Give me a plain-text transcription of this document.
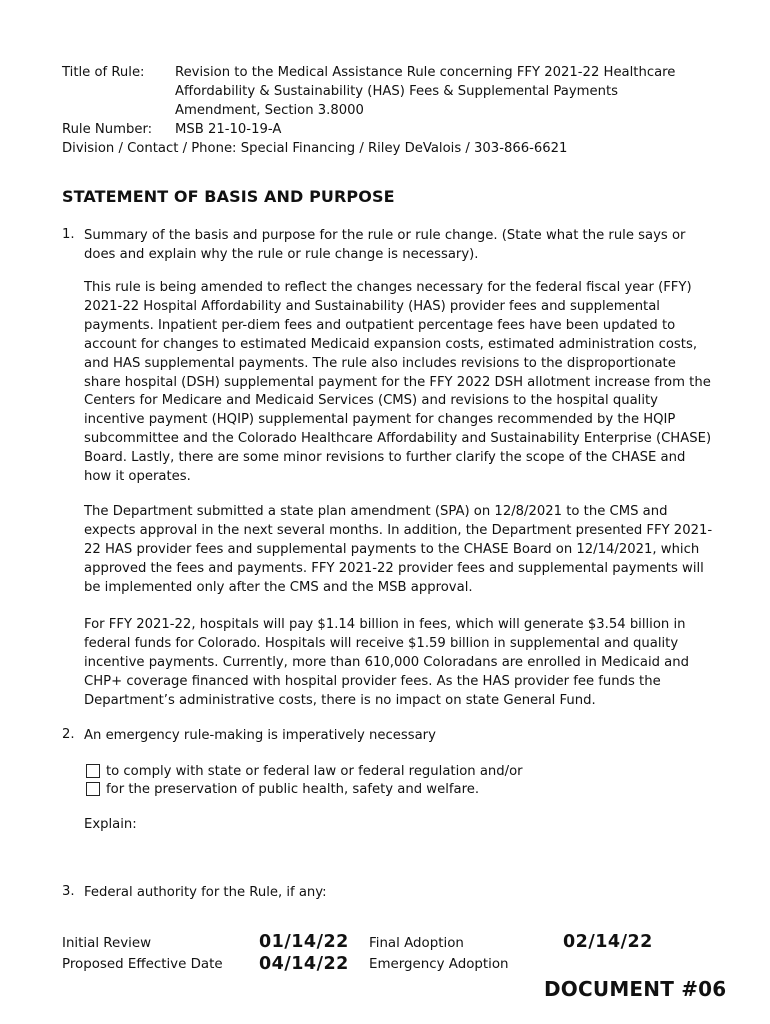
Title of Rule: Revision to the Medical Assistance Rule concerning FFY 2021-22 Healthcare
Affordability & Sustainability (HAS) Fees & Supplemental Payments
Amendment, Section 3.8000
Rule Number: MSB 21-10-19-A
Division / Contact / Phone: Special Financing / Riley DeValois / 303-866-6621
STATEMENT OF BASIS AND PURPOSE
1. Summary of the basis and purpose for the rule or rule change. (State what the rule says or does and explain why the rule or rule change is necessary).

This rule is being amended to reflect the changes necessary for the federal fiscal year (FFY) 2021-22 Hospital Affordability and Sustainability (HAS) provider fees and supplemental payments. Inpatient per-diem fees and outpatient percentage fees have been updated to account for changes to estimated Medicaid expansion costs, estimated administration costs, and HAS supplemental payments. The rule also includes revisions to the disproportionate share hospital (DSH) supplemental payment for the FFY 2022 DSH allotment increase from the Centers for Medicare and Medicaid Services (CMS) and revisions to the hospital quality incentive payment (HQIP) supplemental payment for changes recommended by the HQIP subcommittee and the Colorado Healthcare Affordability and Sustainability Enterprise (CHASE) Board. Lastly, there are some minor revisions to further clarify the scope of the CHASE and how it operates.

The Department submitted a state plan amendment (SPA) on 12/8/2021 to the CMS and expects approval in the next several months. In addition, the Department presented FFY 2021-22 HAS provider fees and supplemental payments to the CHASE Board on 12/14/2021, which approved the fees and payments. FFY 2021-22 provider fees and supplemental payments will be implemented only after the CMS and the MSB approval.

For FFY 2021-22, hospitals will pay $1.14 billion in fees, which will generate $3.54 billion in federal funds for Colorado. Hospitals will receive $1.59 billion in supplemental and quality incentive payments. Currently, more than 610,000 Coloradans are enrolled in Medicaid and CHP+ coverage financed with hospital provider fees. As the HAS provider fee funds the Department’s administrative costs, there is no impact on state General Fund.

2. An emergency rule-making is imperatively necessary
to comply with state or federal law or federal regulation and/or
for the preservation of public health, safety and welfare.
Explain:
3. Federal authority for the Rule, if any:
Initial Review	01/14/22 Final Adoption	02/14/22
Proposed Effective Date 04/14/22 Emergency Adoption
DOCUMENT #06
